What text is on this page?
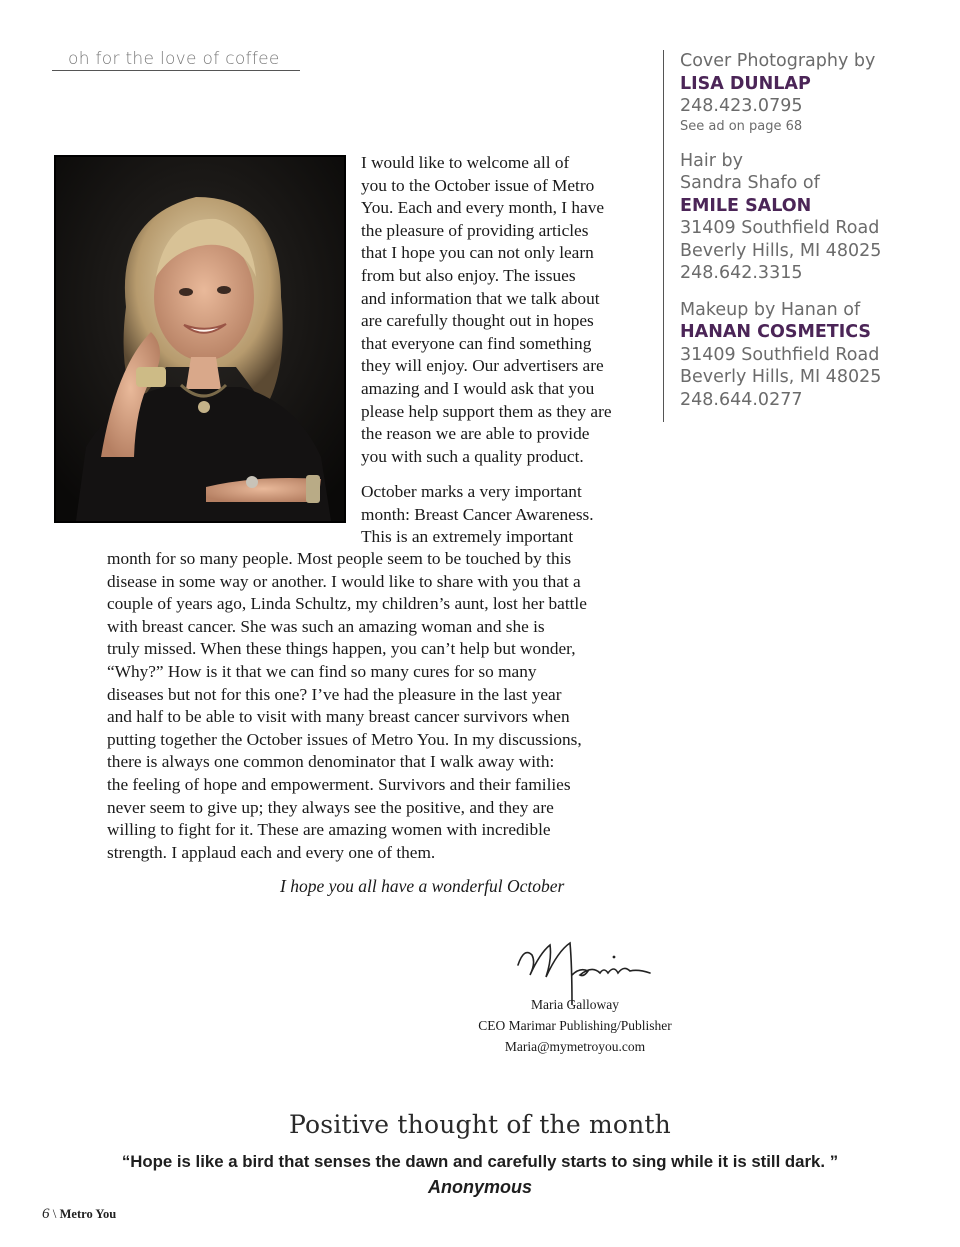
oh for the love of coffee	Cover Photography by
LISA DUNLAP
248.423.0795
See ad on page 68
Hair by
Sandra Shafo of
EMILE SALON
31409 Southfield Road
Beverly Hills, MI 48025
248.642.3315
Makeup by Hanan of
HANAN COSMETICS
31409 Southfield Road
Beverly Hills, MI 48025
248.644.0277
I would like to welcome all of
you to the October issue of Metro
You. Each and every month, I have
the pleasure of providing articles
that I hope you can not only learn
from but also enjoy. The issues
and information that we talk about
are carefully thought out in hopes
that everyone can find something
they will enjoy. Our advertisers are
amazing and I would ask that you
please help support them as they are
the reason we are able to provide
you with such a quality product.
October marks a very important
month: Breast Cancer Awareness.
This is an extremely important
month for so many people. Most people seem to be touched by this
disease in some way or another. I would like to share with you that a
couple of years ago, Linda Schultz, my children’s aunt, lost her battle
with breast cancer. She was such an amazing woman and she is
truly missed. When these things happen, you can’t help but wonder,
“Why?” How is it that we can find so many cures for so many
diseases but not for this one? I’ve had the pleasure in the last year
and half to be able to visit with many breast cancer survivors when
putting together the October issues of Metro You. In my discussions,
there is always one common denominator that I walk away with:
the feeling of hope and empowerment. Survivors and their families
never seem to give up; they always see the positive, and they are
willing to fight for it. These are amazing women with incredible
strength. I applaud each and every one of them.
I hope you all have a wonderful October
Maria Galloway
CEO Marimar Publishing/Publisher
Maria@mymetroyou.com
Positive thought of the month
“Hope is like a bird that senses the dawn and carefully starts to sing while it is still dark. ”
Anonymous
6 \ Metro You
